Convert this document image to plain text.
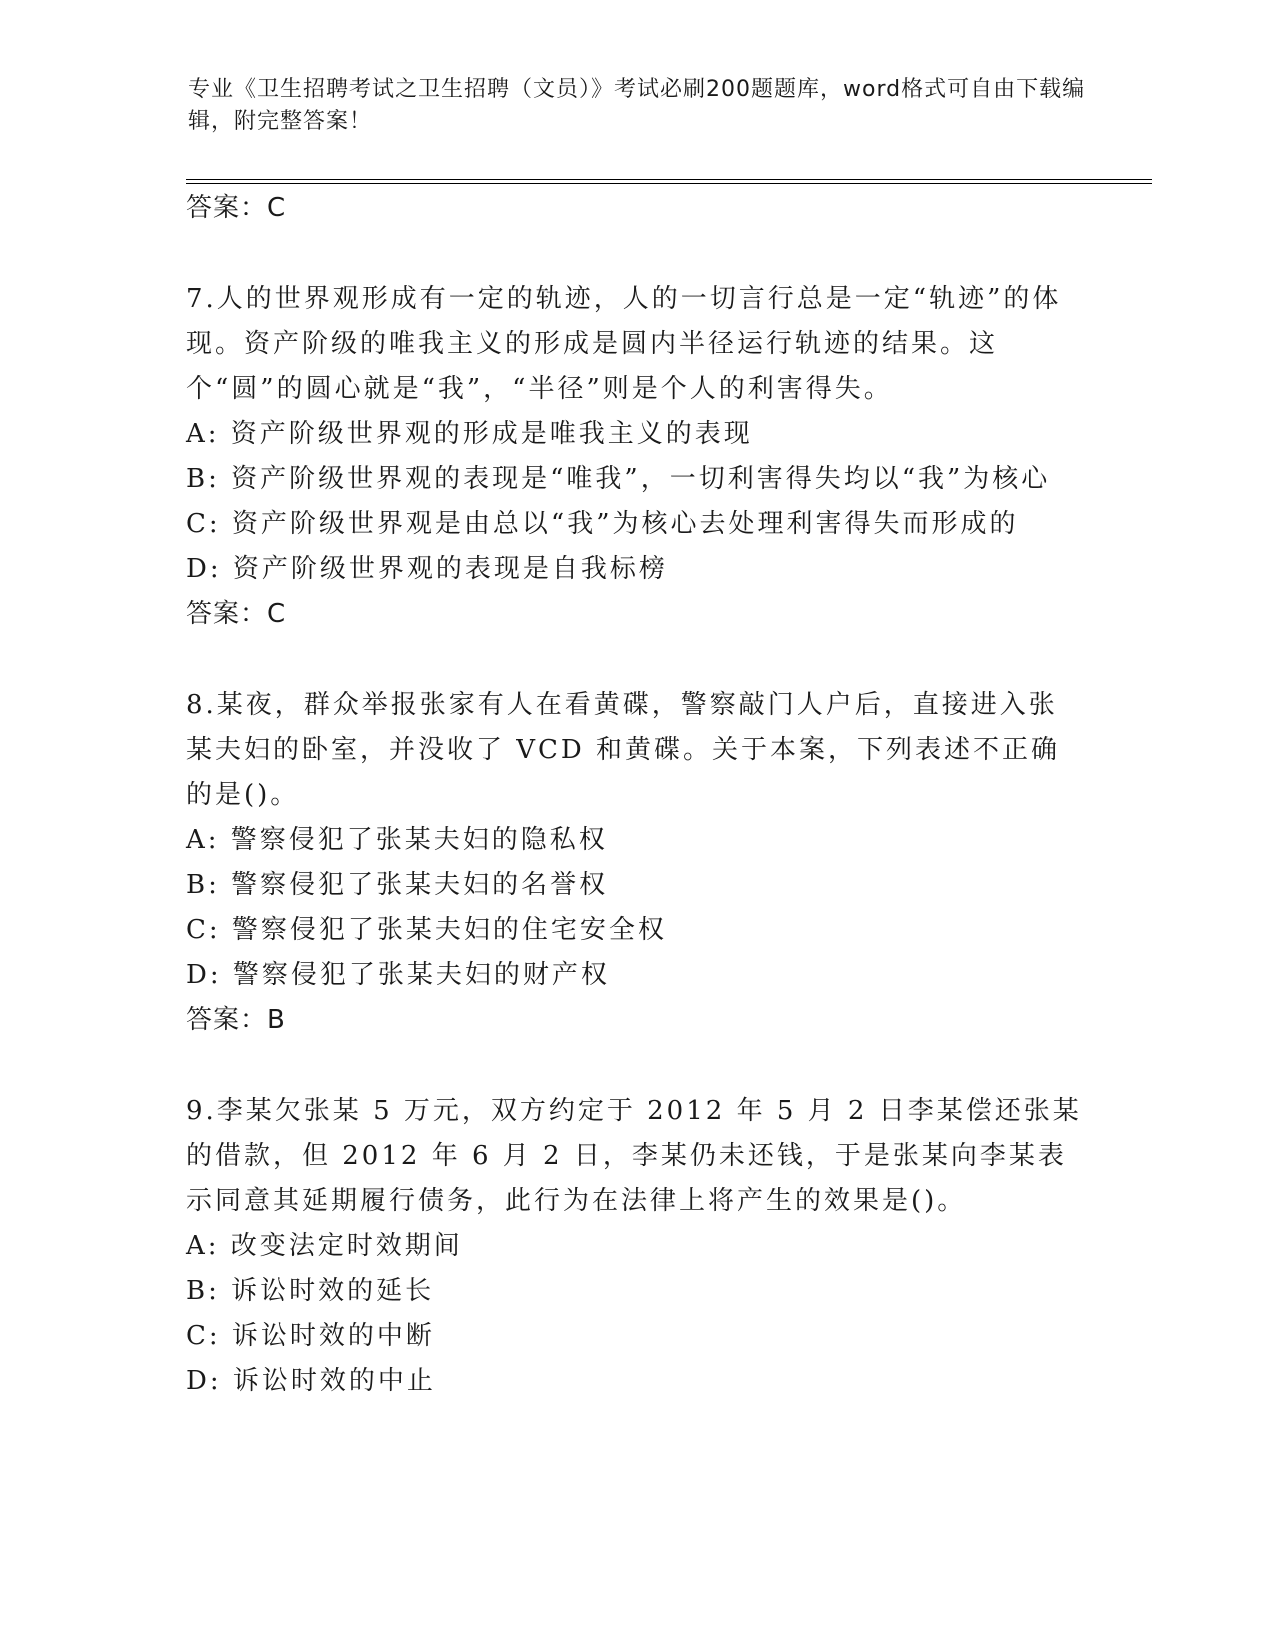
专业《卫生招聘考试之卫生招聘（文员）》考试必刷200题题库，word格式可自由下载编辑，附完整答案！
答案：C
7.人的世界观形成有一定的轨迹，人的一切言行总是一定“轨迹”的体现。资产阶级的唯我主义的形成是圆内半径运行轨迹的结果。这个“圆”的圆心就是“我”，“半径”则是个人的利害得失。
A: 资产阶级世界观的形成是唯我主义的表现
B: 资产阶级世界观的表现是“唯我”，一切利害得失均以“我”为核心
C: 资产阶级世界观是由总以“我”为核心去处理利害得失而形成的
D: 资产阶级世界观的表现是自我标榜
答案：C
8.某夜，群众举报张家有人在看黄碟，警察敲门人户后，直接进入张某夫妇的卧室，并没收了 VCD 和黄碟。关于本案，下列表述不正确的是()。
A: 警察侵犯了张某夫妇的隐私权
B: 警察侵犯了张某夫妇的名誉权
C: 警察侵犯了张某夫妇的住宅安全权
D: 警察侵犯了张某夫妇的财产权
答案：B
9.李某欠张某 5 万元，双方约定于 2012 年 5 月 2 日李某偿还张某的借款，但 2012 年 6 月 2 日，李某仍未还钱，于是张某向李某表示同意其延期履行债务，此行为在法律上将产生的效果是()。
A: 改变法定时效期间
B: 诉讼时效的延长
C: 诉讼时效的中断
D: 诉讼时效的中止
